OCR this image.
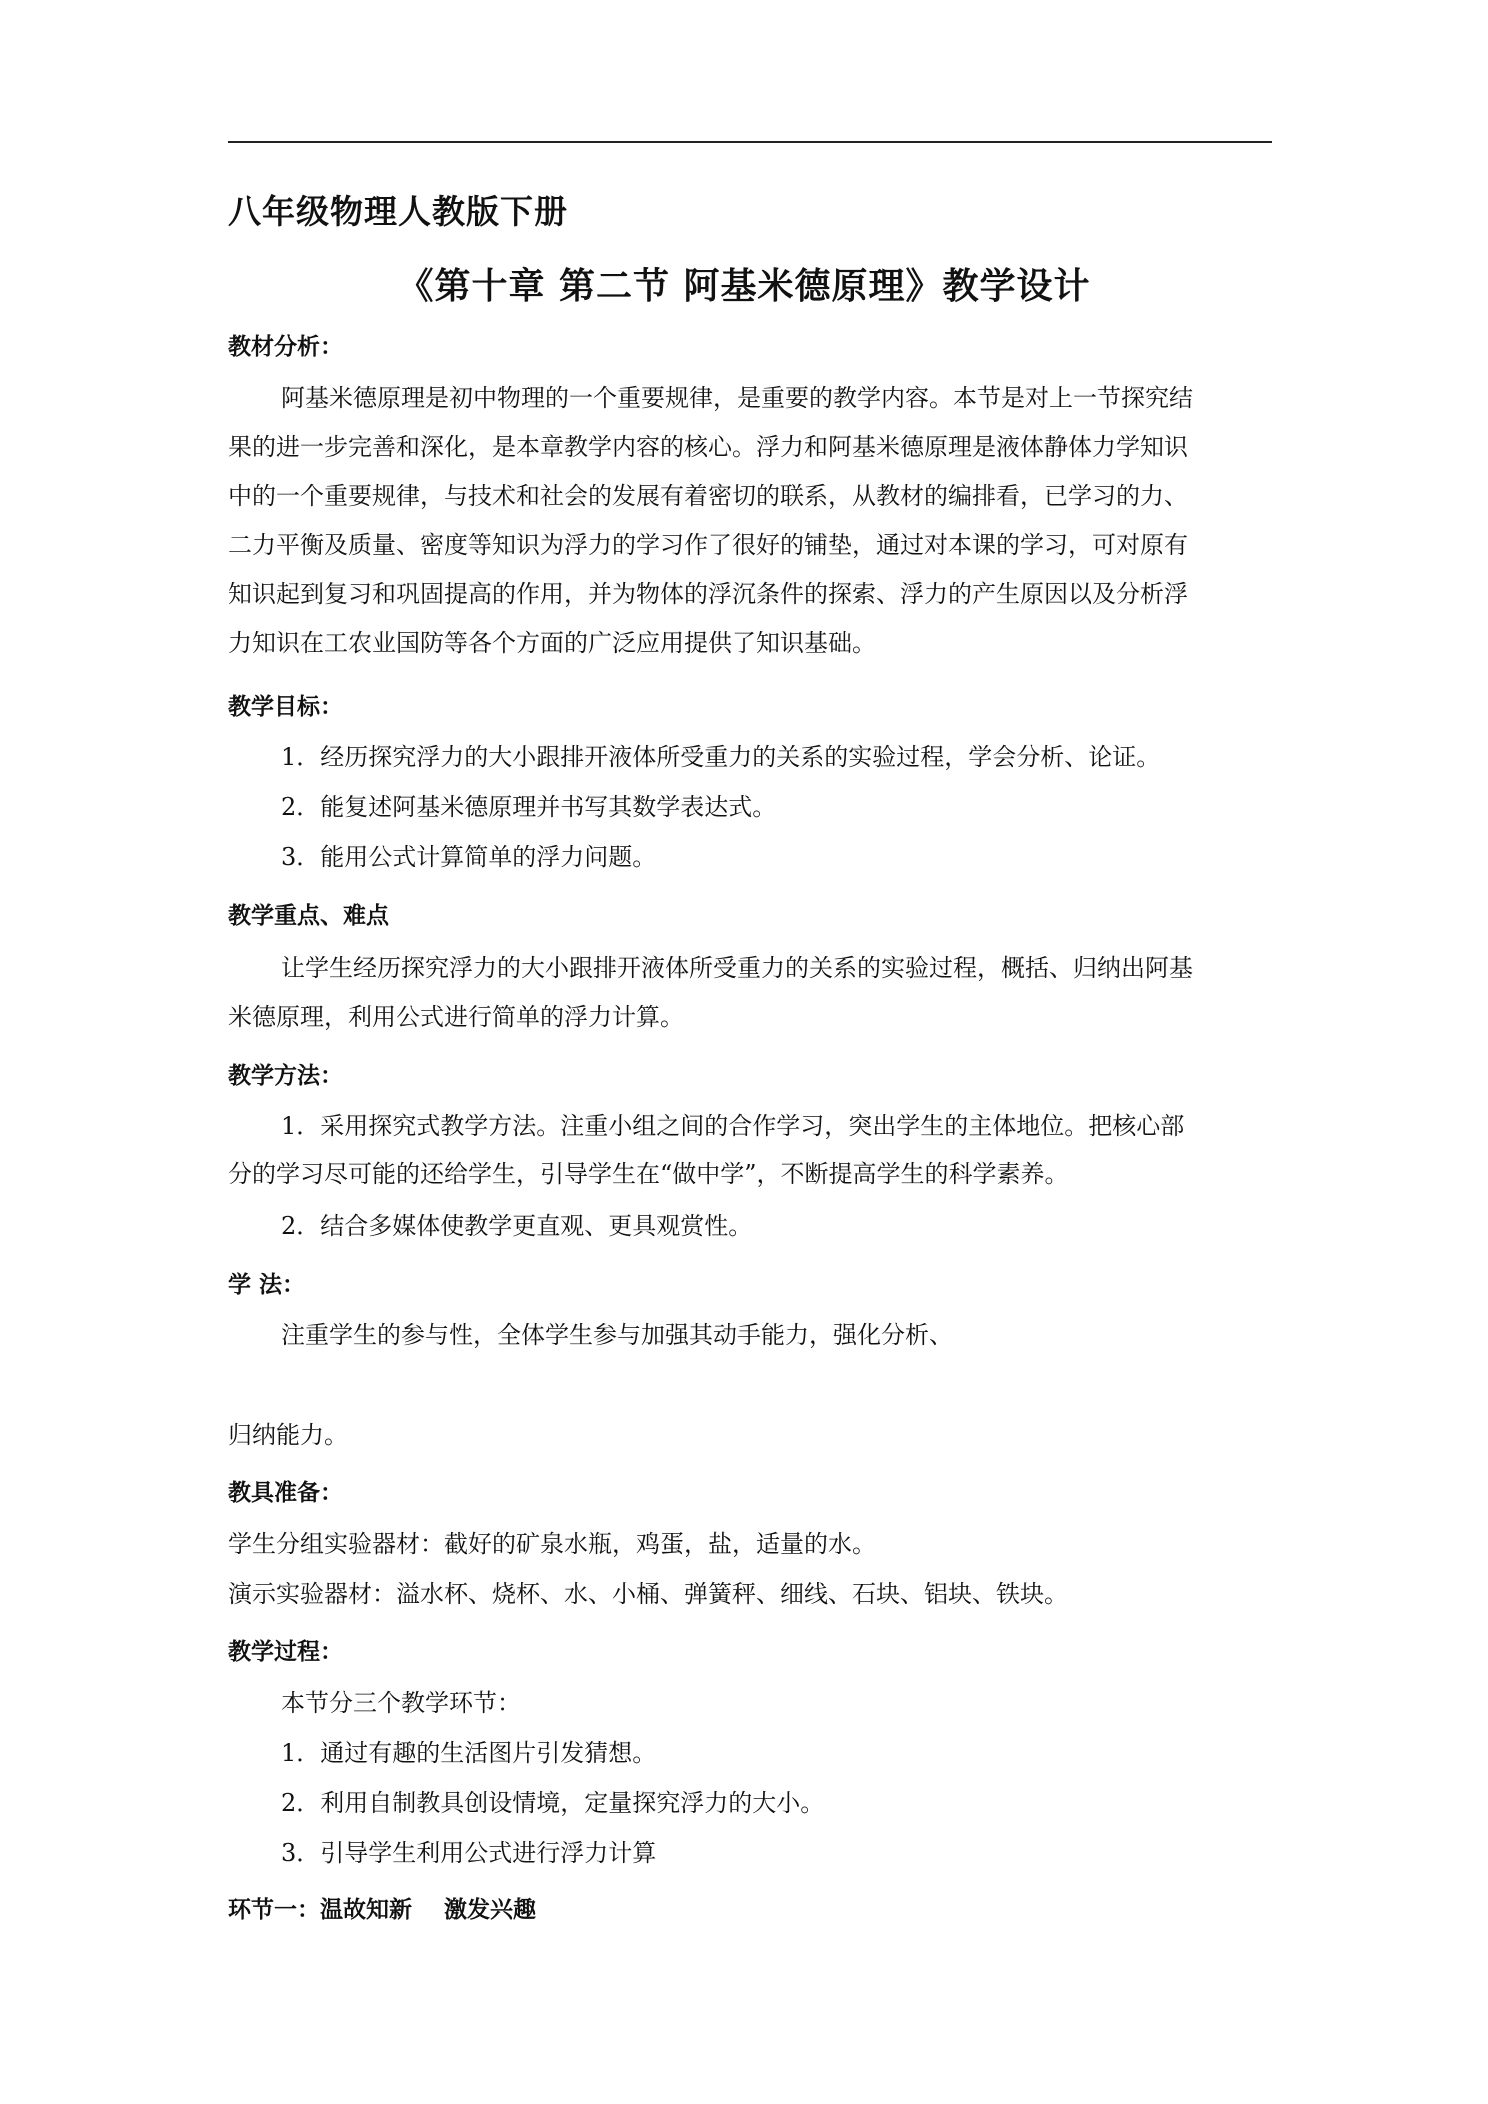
八年级物理人教版下册
《第十章 第二节 阿基米德原理》教学设计
教材分析：
阿基米德原理是初中物理的一个重要规律，是重要的教学内容。本节是对上一节探究结
果的进一步完善和深化，是本章教学内容的核心。浮力和阿基米德原理是液体静体力学知识
中的一个重要规律，与技术和社会的发展有着密切的联系，从教材的编排看，已学习的力、
二力平衡及质量、密度等知识为浮力的学习作了很好的铺垫，通过对本课的学习，可对原有
知识起到复习和巩固提高的作用，并为物体的浮沉条件的探索、浮力的产生原因以及分析浮
力知识在工农业国防等各个方面的广泛应用提供了知识基础。
教学目标：
1．经历探究浮力的大小跟排开液体所受重力的关系的实验过程，学会分析、论证。
2．能复述阿基米德原理并书写其数学表达式。
3．能用公式计算简单的浮力问题。
教学重点、难点
让学生经历探究浮力的大小跟排开液体所受重力的关系的实验过程，概括、归纳出阿基
米德原理，利用公式进行简单的浮力计算。
教学方法：
1．采用探究式教学方法。注重小组之间的合作学习，突出学生的主体地位。把核心部
分的学习尽可能的还给学生，引导学生在“做中学”，不断提高学生的科学素养。
2．结合多媒体使教学更直观、更具观赏性。
学 法：
注重学生的参与性，全体学生参与加强其动手能力，强化分析、
归纳能力。
教具准备：
学生分组实验器材：截好的矿泉水瓶，鸡蛋，盐，适量的水。
演示实验器材：溢水杯、烧杯、水、小桶、弹簧秤、细线、石块、铝块、铁块。
教学过程：
本节分三个教学环节：
1．通过有趣的生活图片引发猜想。
2．利用自制教具创设情境，定量探究浮力的大小。
3．引导学生利用公式进行浮力计算
环节一：温故知新    激发兴趣
